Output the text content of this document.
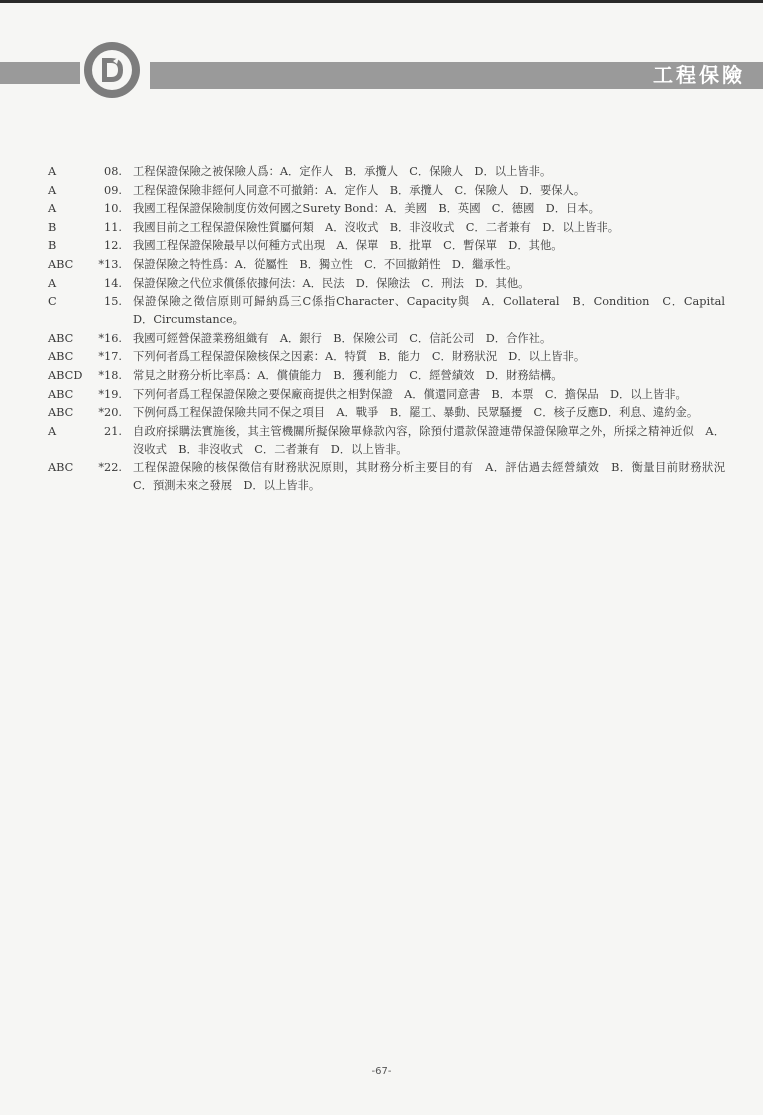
工程保險
A	08. 工程保證保險之被保險人爲：A．定作人　B．承攬人　C．保險人　D．以上皆非。
A	09. 工程保證保險非經何人同意不可撤銷：A．定作人　B．承攬人　C．保險人　D．要保人。
A	10. 我國工程保證保險制度仿效何國之Surety Bond：A．美國　B．英國　C．德國　D．日本。
B	11. 我國目前之工程保證保險性質屬何類　A．沒收式　B．非沒收式　C．二者兼有　D．以上皆非。
B	12. 我國工程保證保險最早以何種方式出現　A．保單　B．批單　C．暫保單　D．其他。
ABC	*13. 保證保險之特性爲：A．從屬性　B．獨立性　C．不回撤銷性　D．繼承性。
A	14. 保證保險之代位求償係依據何法：A．民法　D．保險法　C．刑法　D．其他。
C	15. 保證保險之徵信原則可歸納爲三C係指Character、Capacity與　A．Collateral　B．Condition　C．Capital　D．Circumstance。
ABC	*16. 我國可經營保證業務組織有　A．銀行　B．保險公司　C．信託公司　D．合作社。
ABC	*17. 下列何者爲工程保證保險核保之因素：A．特質　B．能力　C．財務狀況　D．以上皆非。
ABCD	*18. 常見之財務分析比率爲：A．償債能力　B．獲利能力　C．經營績效　D．財務結構。
ABC	*19. 下列何者爲工程保證保險之要保廠商提供之相對保證　A．償還同意書　B．本票　C．擔保品　D．以上皆非。
ABC	*20. 下例何爲工程保證保險共同不保之項目　A．戰爭　B．罷工、暴動、民眾騷擾　C．核子反應D．利息、違約金。
A	21. 自政府採購法實施後，其主管機關所擬保險單條款內容，除預付還款保證連帶保證保險單之外，所採之精神近似　A．沒收式　B．非沒收式　C．二者兼有　D．以上皆非。
ABC	*22. 工程保證保險的核保徵信有財務狀況原則，其財務分析主要目的有　A．評估過去經營績效　B．衡量目前財務狀況　C．預測未來之發展　D．以上皆非。
-67-
